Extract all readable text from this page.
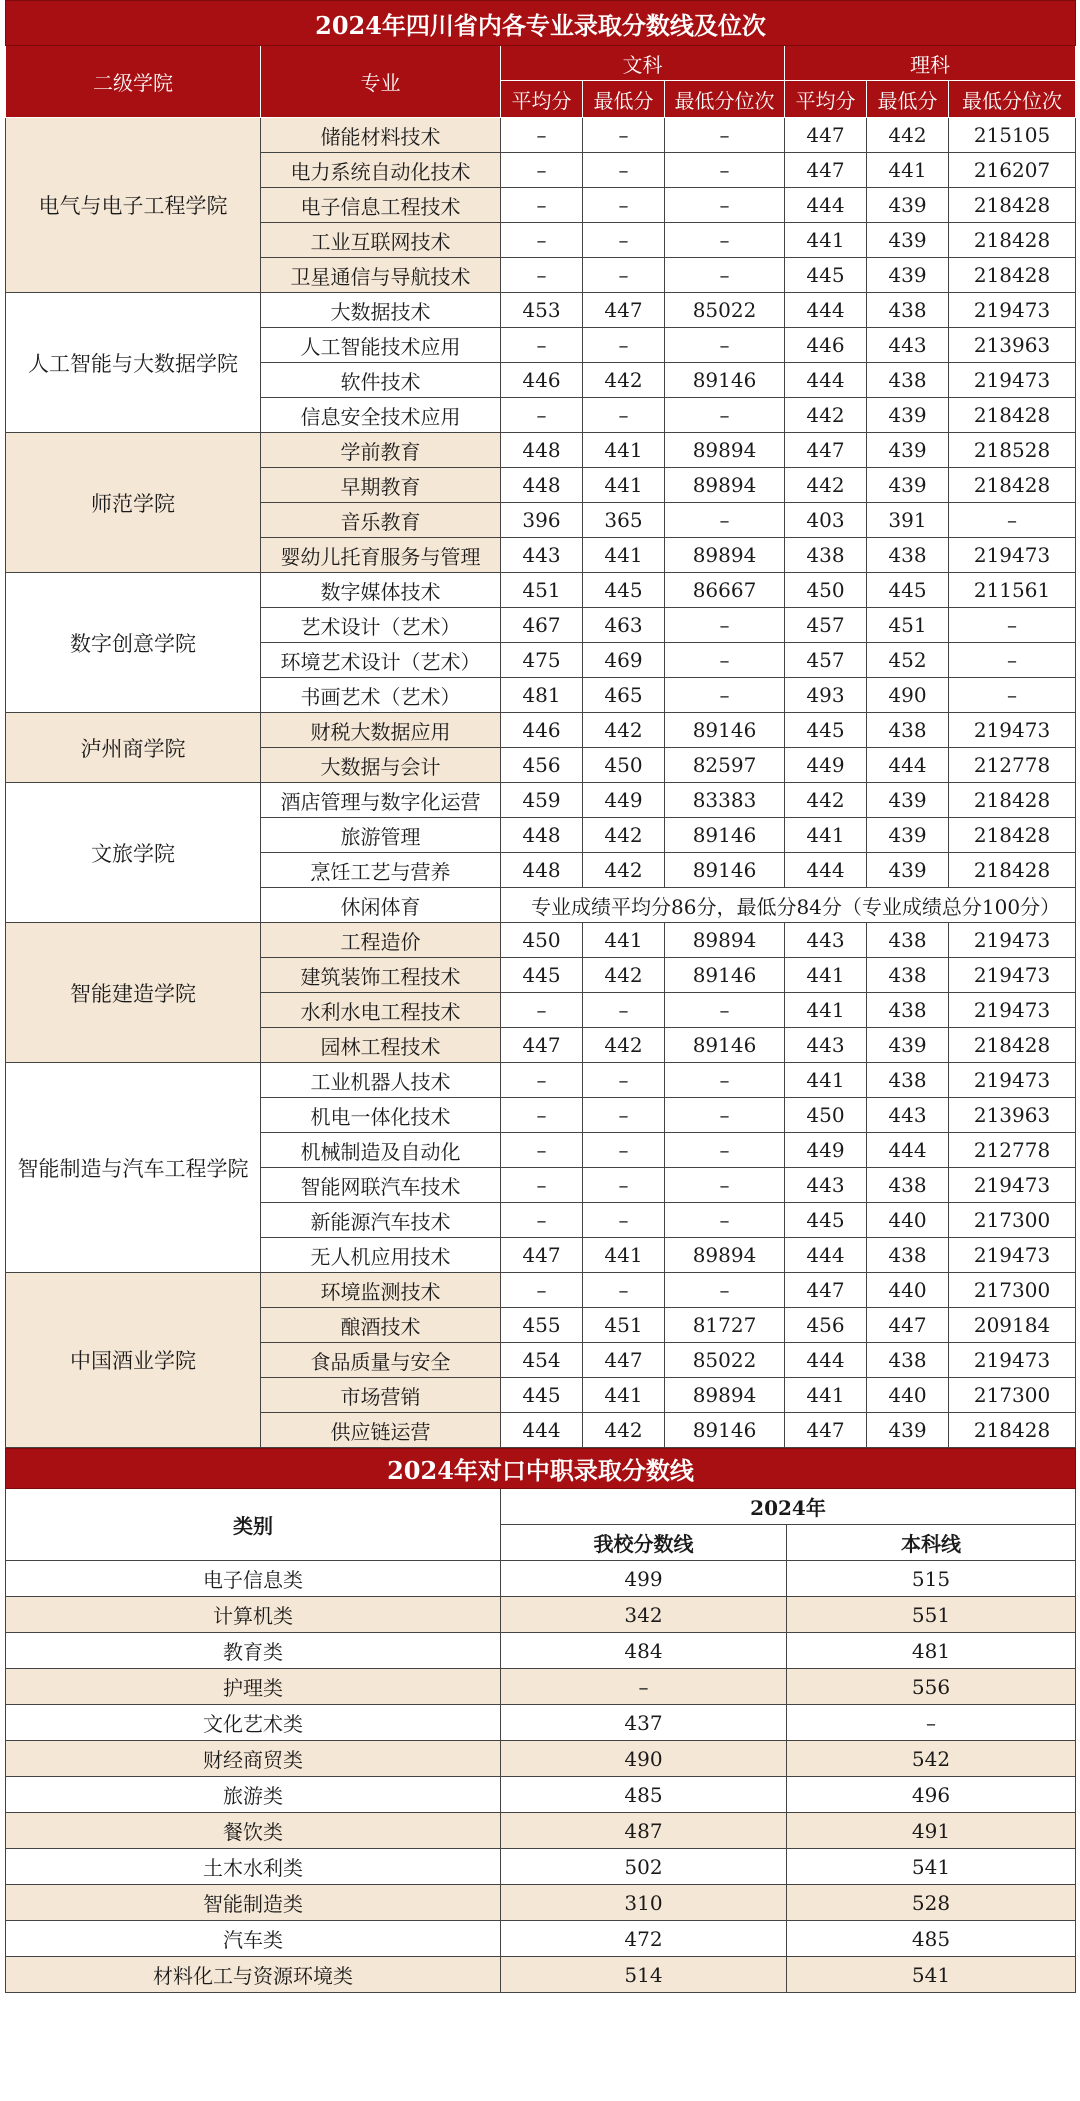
2024年四川省内各专业录取分数线及位次							
二级学院	专业	文科			理科		
		平均分	最低分	最低分位次	平均分	最低分	最低分位次
电气与电子工程学院	储能材料技术	–	–	–	447	442	215105
	电力系统自动化技术	–	–	–	447	441	216207
	电子信息工程技术	–	–	–	444	439	218428
	工业互联网技术	–	–	–	441	439	218428
	卫星通信与导航技术	–	–	–	445	439	218428
人工智能与大数据学院	大数据技术	453	447	85022	444	438	219473
	人工智能技术应用	–	–	–	446	443	213963
	软件技术	446	442	89146	444	438	219473
	信息安全技术应用	–	–	–	442	439	218428
师范学院	学前教育	448	441	89894	447	439	218528
	早期教育	448	441	89894	442	439	218428
	音乐教育	396	365	–	403	391	–
	婴幼儿托育服务与管理	443	441	89894	438	438	219473
数字创意学院	数字媒体技术	451	445	86667	450	445	211561
	艺术设计（艺术）	467	463	–	457	451	–
	环境艺术设计（艺术）	475	469	–	457	452	–
	书画艺术（艺术）	481	465	–	493	490	–
泸州商学院	财税大数据应用	446	442	89146	445	438	219473
	大数据与会计	456	450	82597	449	444	212778
文旅学院	酒店管理与数字化运营	459	449	83383	442	439	218428
	旅游管理	448	442	89146	441	439	218428
	烹饪工艺与营养	448	442	89146	444	439	218428
	休闲体育	专业成绩平均分86分，最低分84分（专业成绩总分100分）					
智能建造学院	工程造价	450	441	89894	443	438	219473
	建筑装饰工程技术	445	442	89146	441	438	219473
	水利水电工程技术	–	–	–	441	438	219473
	园林工程技术	447	442	89146	443	439	218428
智能制造与汽车工程学院	工业机器人技术	–	–	–	441	438	219473
	机电一体化技术	–	–	–	450	443	213963
	机械制造及自动化	–	–	–	449	444	212778
	智能网联汽车技术	–	–	–	443	438	219473
	新能源汽车技术	–	–	–	445	440	217300
	无人机应用技术	447	441	89894	444	438	219473
中国酒业学院	环境监测技术	–	–	–	447	440	217300
	酿酒技术	455	451	81727	456	447	209184
	食品质量与安全	454	447	85022	444	438	219473
	市场营销	445	441	89894	441	440	217300
	供应链运营	444	442	89146	447	439	218428
2024年对口中职录取分数线		
类别	2024年	
	我校分数线	本科线
电子信息类	499	515
计算机类	342	551
教育类	484	481
护理类	–	556
文化艺术类	437	–
财经商贸类	490	542
旅游类	485	496
餐饮类	487	491
土木水利类	502	541
智能制造类	310	528
汽车类	472	485
材料化工与资源环境类	514	541
